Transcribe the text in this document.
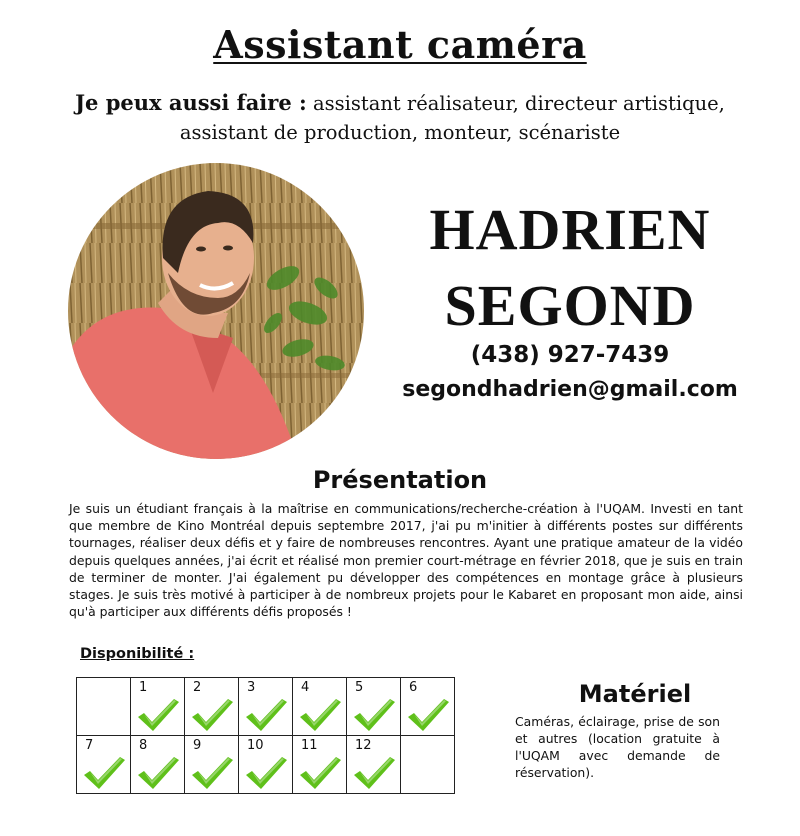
Assistant caméra
Je peux aussi faire : assistant réalisateur, directeur artistique,
assistant de production, monteur, scénariste
HADRIEN
SEGOND
(438) 927-7439
segondhadrien@gmail.com
Présentation

Je suis un étudiant français à la maîtrise en communications/recherche-création à l'UQAM. Investi en tant que membre de Kino Montréal depuis septembre 2017, j'ai pu m'initier à différents postes sur différents tournages, réaliser deux défis et y faire de nombreuses rencontres. Ayant une pratique amateur de la vidéo depuis quelques années, j'ai écrit et réalisé mon premier court-métrage en février 2018, que je suis en train de terminer de monter. J'ai également pu développer des compétences en montage grâce à plusieurs stages. Je suis très motivé à participer à de nombreux projets pour le Kabaret en proposant mon aide, ainsi qu'à participer aux différents défis proposés !

Disponibilité :

	1	2	3	4	5	6

7	8	9	10	11	12	

Matériel

Caméras, éclairage, prise de son et autres (location gratuite à l'UQAM avec demande de réservation).
